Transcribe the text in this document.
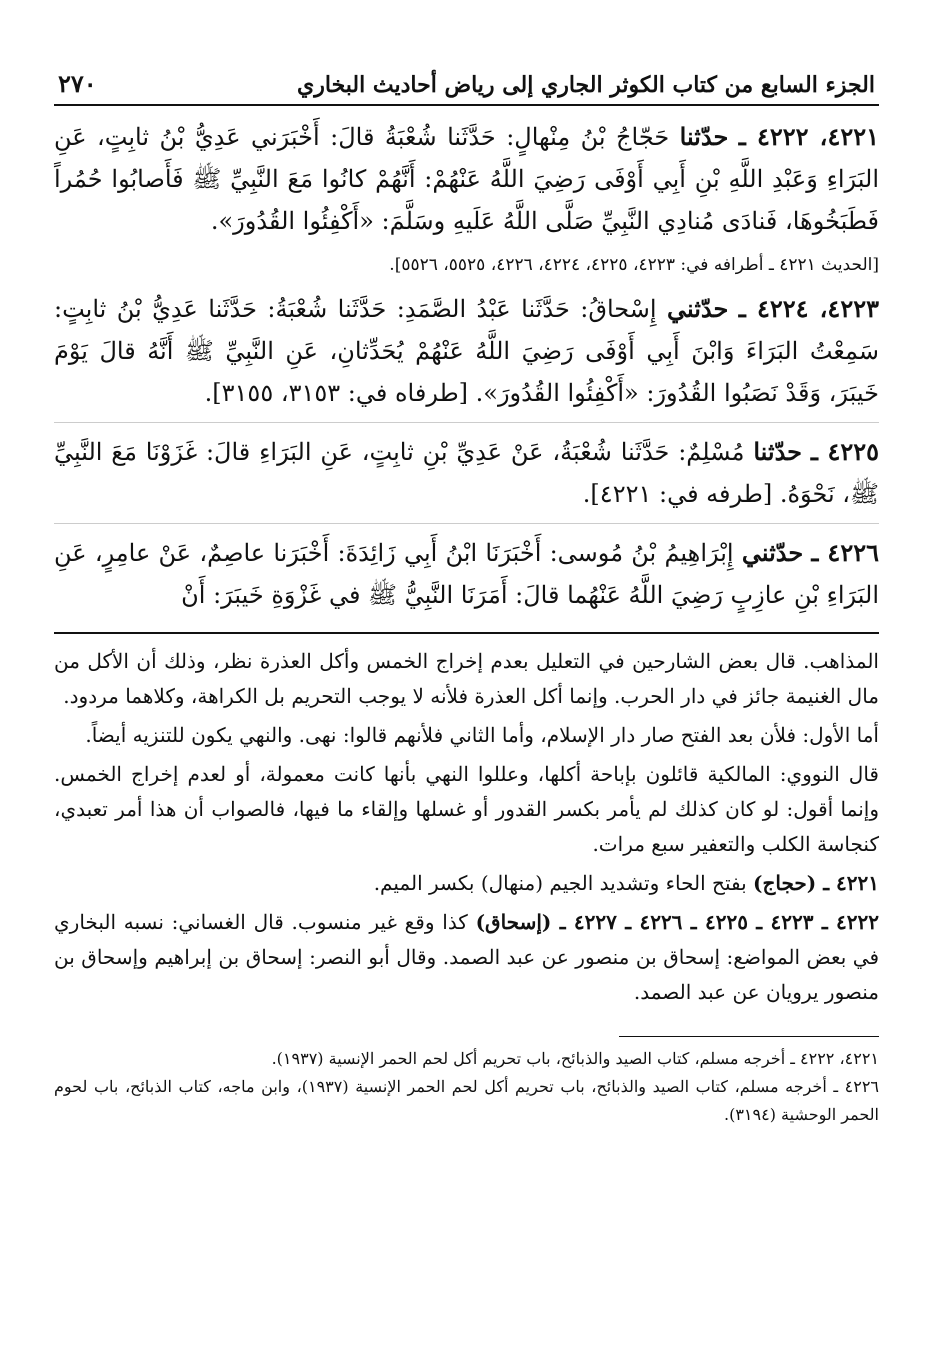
الجزء السابع من كتاب الكوثر الجاري إلى رياض أحاديث البخاري
٢٧٠

٤٢٢١، ٤٢٢٢ ـ حدّثنا حَجّاجُ بْنُ مِنْهالٍ: حَدَّثَنا شُعْبَةُ قالَ: أَخْبَرَني عَدِيُّ بْنُ ثابِتٍ، عَنِ البَرَاءِ وَعَبْدِ اللَّهِ بْنِ أَبِي أَوْفَى رَضِيَ اللَّهُ عَنْهُمْ: أَنَّهُمْ كانُوا مَعَ النَّبِيِّ ﷺ فَأَصابُوا حُمُراً فَطَبَخُوهَا، فَنادَى مُنادِي النَّبِيِّ صَلَّى اللَّهُ عَلَيهِ وسَلَّمَ: «أَكْفِئُوا القُدُورَ».

[الحديث ٤٢٢١ ـ أطرافه في: ٤٢٢٣، ٤٢٢٥، ٤٢٢٤، ٤٢٢٦، ٥٥٢٥، ٥٥٢٦].

٤٢٢٣، ٤٢٢٤ ـ حدّثني إِسْحاقُ: حَدَّثَنا عَبْدُ الصَّمَدِ: حَدَّثَنا شُعْبَةُ: حَدَّثَنا عَدِيُّ بْنُ ثابِتٍ: سَمِعْتُ البَرَاءَ وَابْنَ أَبِي أَوْفَى رَضِيَ اللَّهُ عَنْهُمْ يُحَدِّثانِ، عَنِ النَّبِيِّ ﷺ أَنَّهُ قالَ يَوْمَ خَيبَرَ، وَقَدْ نَصَبُوا القُدُورَ: «أَكْفِئُوا القُدُورَ». [طرفاه في: ٣١٥٣، ٣١٥٥].

٤٢٢٥ ـ حدّثنا مُسْلِمٌ: حَدَّثَنا شُعْبَةُ، عَنْ عَدِيِّ بْنِ ثابِتٍ، عَنِ البَرَاءِ قالَ: غَزَوْنَا مَعَ النَّبِيِّ ﷺ، نَحْوَهُ. [طرفه في: ٤٢٢١].

٤٢٢٦ ـ حدّثني إِبْرَاهِيمُ بْنُ مُوسى: أَخْبَرَنَا ابْنُ أَبِي زَائِدَةَ: أَخْبَرَنا عاصِمٌ، عَنْ عامِرٍ، عَنِ البَرَاءِ بْنِ عازِبٍ رَضِيَ اللَّهُ عَنْهُما قالَ: أَمَرَنَا النَّبِيُّ ﷺ في غَزْوَةِ خَيبَرَ: أَنْ

المذاهب. قال بعض الشارحين في التعليل بعدم إخراج الخمس وأكل العذرة نظر، وذلك أن الأكل من مال الغنيمة جائز في دار الحرب. وإنما أكل العذرة فلأنه لا يوجب التحريم بل الكراهة، وكلاهما مردود.

أما الأول: فلأن بعد الفتح صار دار الإسلام، وأما الثاني فلأنهم قالوا: نهى. والنهي يكون للتنزيه أيضاً.

قال النووي: المالكية قائلون بإباحة أكلها، وعللوا النهي بأنها كانت معمولة، أو لعدم إخراج الخمس. وإنما أقول: لو كان كذلك لم يأمر بكسر القدور أو غسلها وإلقاء ما فيها، فالصواب أن هذا أمر تعبدي، كنجاسة الكلب والتعفير سبع مرات.

٤٢٢١ ـ (حجاج) بفتح الحاء وتشديد الجيم (منهال) بكسر الميم.

٤٢٢٢ ـ ٤٢٢٣ ـ ٤٢٢٥ ـ ٤٢٢٦ ـ ٤٢٢٧ ـ (إسحاق) كذا وقع غير منسوب. قال الغساني: نسبه البخاري في بعض المواضع: إسحاق بن منصور عن عبد الصمد. وقال أبو النصر: إسحاق بن إبراهيم وإسحاق بن منصور يرويان عن عبد الصمد.

٤٢٢١، ٤٢٢٢ ـ أخرجه مسلم، كتاب الصيد والذبائح، باب تحريم أكل لحم الحمر الإنسية (١٩٣٧).

٤٢٢٦ ـ أخرجه مسلم، كتاب الصيد والذبائح، باب تحريم أكل لحم الحمر الإنسية (١٩٣٧)، وابن ماجه، كتاب الذبائح، باب لحوم الحمر الوحشية (٣١٩٤).
